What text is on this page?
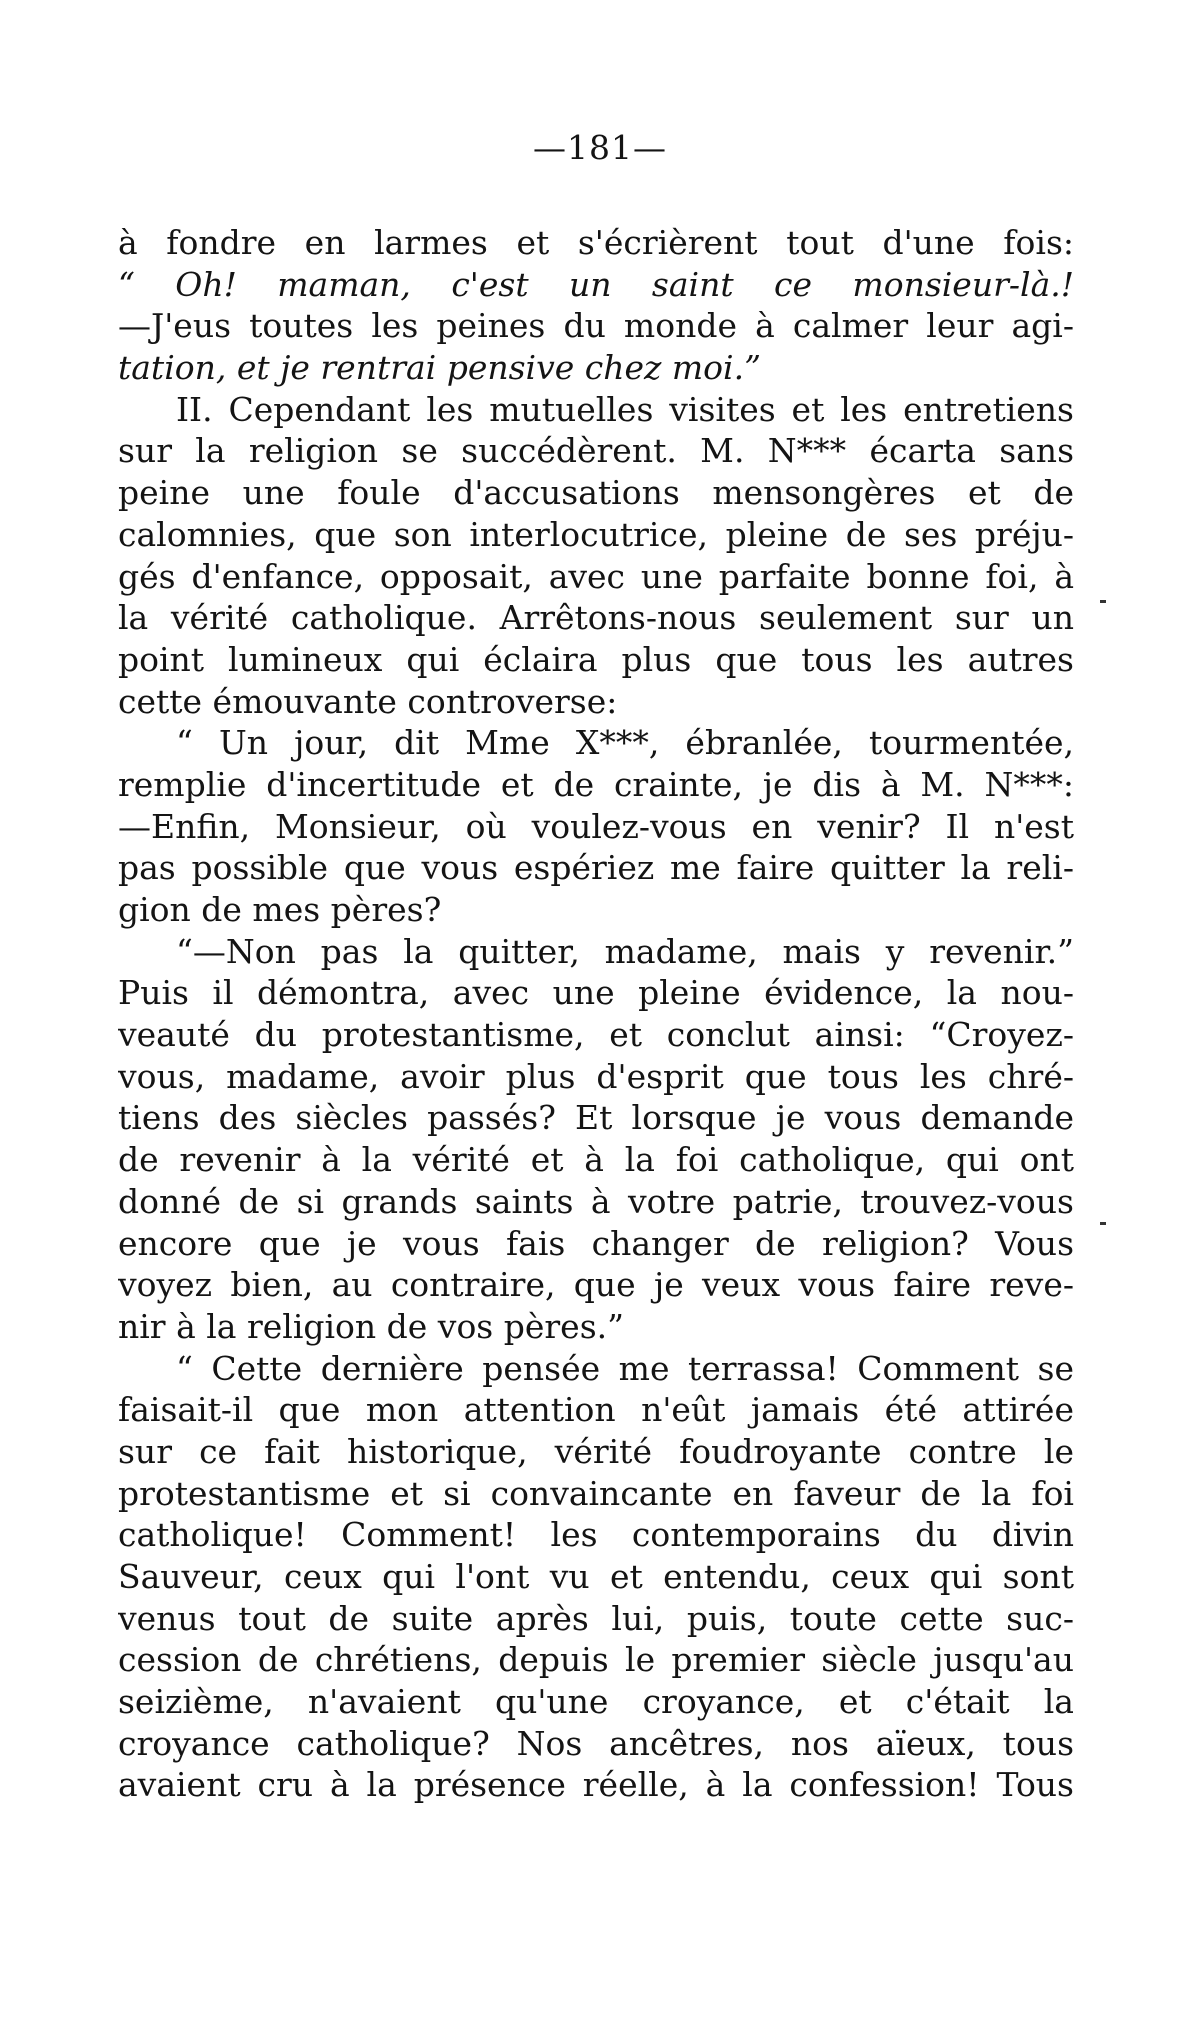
—181—
à fondre en larmes et s'écrièrent tout d'une fois:
“ Oh! maman, c'est un saint ce monsieur-là.!
—J'eus toutes les peines du monde à calmer leur agi-
tation, et je rentrai pensive chez moi.”
II. Cependant les mutuelles visites et les entretiens
sur la religion se succédèrent. M. N*** écarta sans
peine une foule d'accusations mensongères et de
calomnies, que son interlocutrice, pleine de ses préju-
gés d'enfance, opposait, avec une parfaite bonne foi, à
la vérité catholique. Arrêtons-nous seulement sur un
point lumineux qui éclaira plus que tous les autres
cette émouvante controverse:
“ Un jour, dit Mme X***, ébranlée, tourmentée,
remplie d'incertitude et de crainte, je dis à M. N***:
—Enfin, Monsieur, où voulez-vous en venir? Il n'est
pas possible que vous espériez me faire quitter la reli-
gion de mes pères?
“—Non pas la quitter, madame, mais y revenir.”
Puis il démontra, avec une pleine évidence, la nou-
veauté du protestantisme, et conclut ainsi: “Croyez-
vous, madame, avoir plus d'esprit que tous les chré-
tiens des siècles passés? Et lorsque je vous demande
de revenir à la vérité et à la foi catholique, qui ont
donné de si grands saints à votre patrie, trouvez-vous
encore que je vous fais changer de religion? Vous
voyez bien, au contraire, que je veux vous faire reve-
nir à la religion de vos pères.”
“ Cette dernière pensée me terrassa! Comment se
faisait-il que mon attention n'eût jamais été attirée
sur ce fait historique, vérité foudroyante contre le
protestantisme et si convaincante en faveur de la foi
catholique! Comment! les contemporains du divin
Sauveur, ceux qui l'ont vu et entendu, ceux qui sont
venus tout de suite après lui, puis, toute cette suc-
cession de chrétiens, depuis le premier siècle jusqu'au
seizième, n'avaient qu'une croyance, et c'était la
croyance catholique? Nos ancêtres, nos aïeux, tous
avaient cru à la présence réelle, à la confession! Tous
